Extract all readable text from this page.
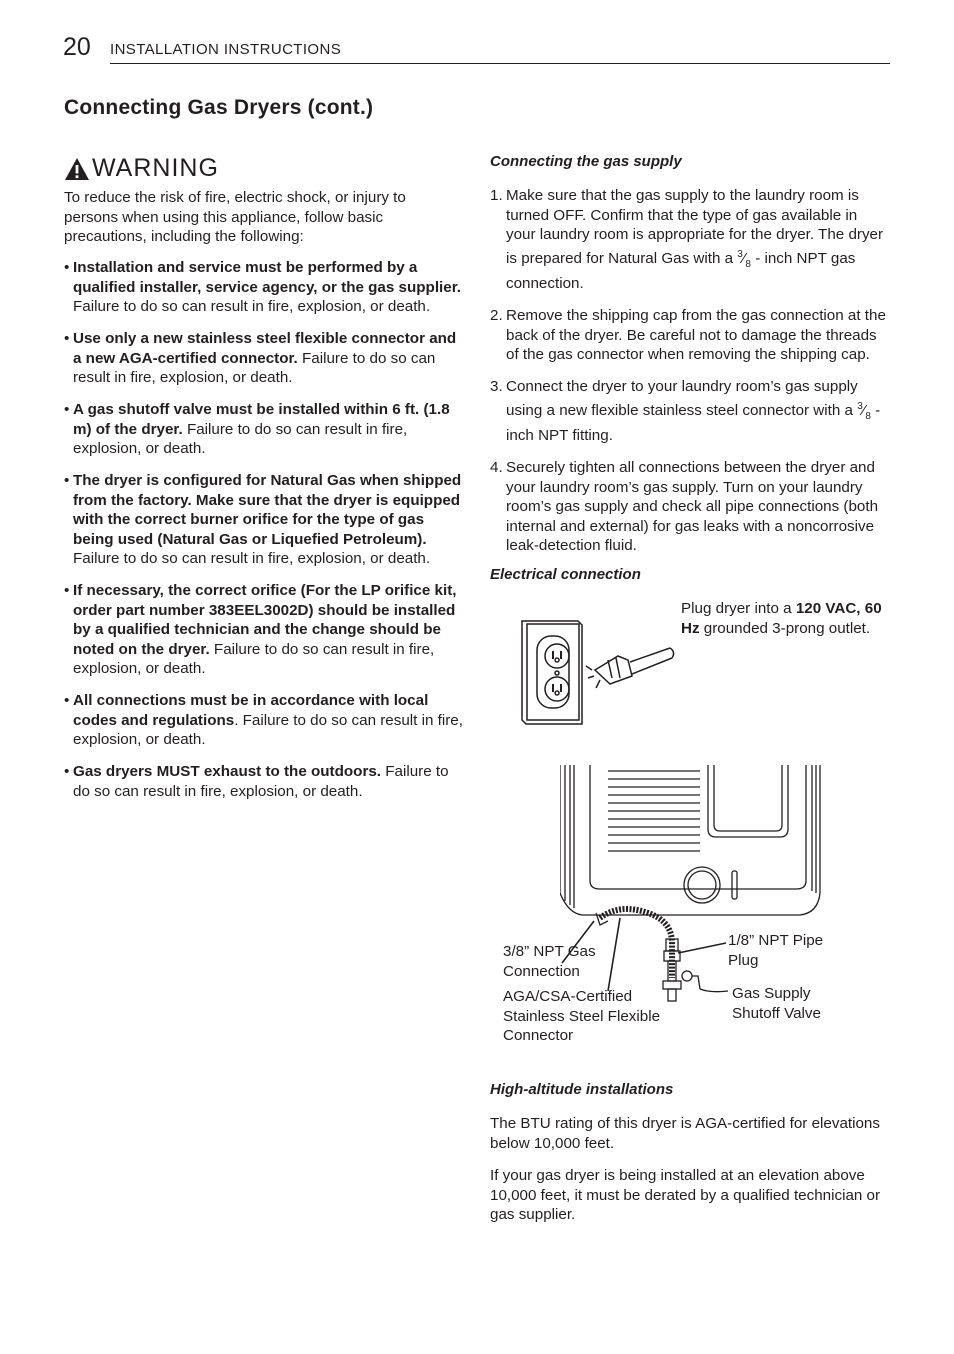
20 INSTALLATION INSTRUCTIONS
Connecting Gas Dryers (cont.)
WARNING
To reduce the risk of fire, electric shock, or injury to persons when using this appliance, follow basic precautions, including the following:
• Installation and service must be performed by a qualified installer, service agency, or the gas supplier. Failure to do so can result in fire, explosion, or death.
• Use only a new stainless steel flexible connector and a new AGA-certified connector. Failure to do so can result in fire, explosion, or death.
• A gas shutoff valve must be installed within 6 ft. (1.8 m) of the dryer. Failure to do so can result in fire, explosion, or death.
• The dryer is configured for Natural Gas when shipped from the factory. Make sure that the dryer is equipped with the correct burner orifice for the type of gas being used (Natural Gas or Liquefied Petroleum). Failure to do so can result in fire, explosion, or death.
• If necessary, the correct orifice (For the LP orifice kit, order part number 383EEL3002D) should be installed by a qualified technician and the change should be noted on the dryer. Failure to do so can result in fire, explosion, or death.
• All connections must be in accordance with local codes and regulations. Failure to do so can result in fire, explosion, or death.
• Gas dryers MUST exhaust to the outdoors. Failure to do so can result in fire, explosion, or death.
Connecting the gas supply
1. Make sure that the gas supply to the laundry room is turned OFF. Confirm that the type of gas available in your laundry room is appropriate for the dryer. The dryer is prepared for Natural Gas with a $^3⁄_8$ - inch NPT gas connection.
2. Remove the shipping cap from the gas connection at the back of the dryer. Be careful not to damage the threads of the gas connector when removing the shipping cap.
3. Connect the dryer to your laundry room’s gas supply using a new flexible stainless steel connector with a $^3⁄_8$ - inch NPT fitting.
4. Securely tighten all connections between the dryer and your laundry room’s gas supply. Turn on your laundry room’s gas supply and check all pipe connections (both internal and external) for gas leaks with a noncorrosive leak-detection fluid.
Electrical connection
Plug dryer into a 120 VAC, 60 Hz grounded 3-prong outlet.
3/8” NPT Gas Connection
1/8” NPT Pipe Plug
AGA/CSA-Certified Stainless Steel Flexible Connector
Gas Supply Shutoff Valve
High-altitude installations
The BTU rating of this dryer is AGA-certified for elevations below 10,000 feet.
If your gas dryer is being installed at an elevation above 10,000 feet, it must be derated by a qualified technician or gas supplier.
